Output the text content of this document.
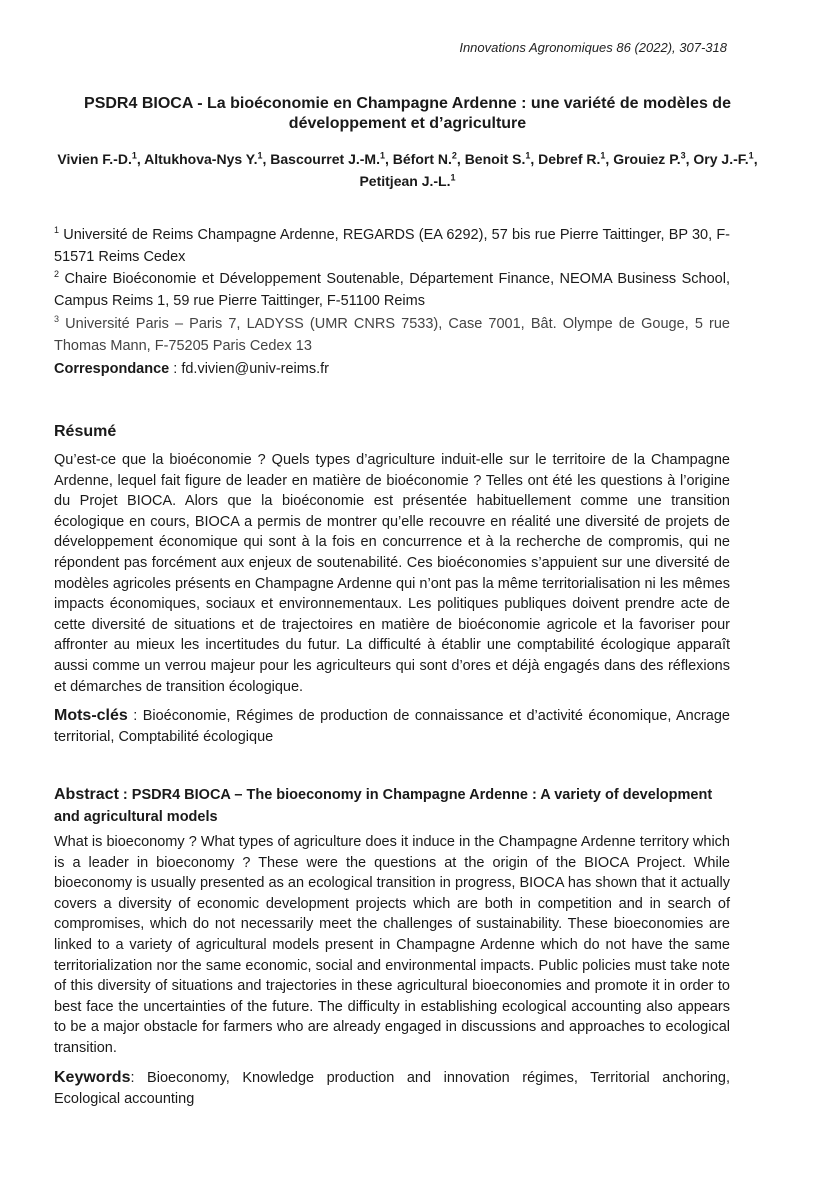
Innovations Agronomiques 86 (2022), 307-318
PSDR4 BIOCA - La bioéconomie en Champagne Ardenne : une variété de modèles de développement et d’agriculture
Vivien F.-D.$^1$, Altukhova-Nys Y.$^1$, Bascourret J.-M.$^1$, Béfort N.$^2$, Benoit S.$^1$, Debref R.$^1$, Grouiez P.$^3$, Ory J.-F.$^1$, Petitjean J.-L.$^1$
$^1$ Université de Reims Champagne Ardenne, REGARDS (EA 6292), 57 bis rue Pierre Taittinger, BP 30, F-51571 Reims Cedex
$^2$ Chaire Bioéconomie et Développement Soutenable, Département Finance, NEOMA Business School, Campus Reims 1, 59 rue Pierre Taittinger, F-51100 Reims
$^3$ Université Paris – Paris 7, LADYSS (UMR CNRS 7533), Case 7001, Bât. Olympe de Gouge, 5 rue Thomas Mann, F-75205 Paris Cedex 13
Correspondance : fd.vivien@univ-reims.fr
Résumé
Qu’est-ce que la bioéconomie ? Quels types d’agriculture induit-elle sur le territoire de la Champagne Ardenne, lequel fait figure de leader en matière de bioéconomie ? Telles ont été les questions à l’origine du Projet BIOCA. Alors que la bioéconomie est présentée habituellement comme une transition écologique en cours, BIOCA a permis de montrer qu’elle recouvre en réalité une diversité de projets de développement économique qui sont à la fois en concurrence et à la recherche de compromis, qui ne répondent pas forcément aux enjeux de soutenabilité. Ces bioéconomies s’appuient sur une diversité de modèles agricoles présents en Champagne Ardenne qui n’ont pas la même territorialisation ni les mêmes impacts économiques, sociaux et environnementaux. Les politiques publiques doivent prendre acte de cette diversité de situations et de trajectoires en matière de bioéconomie agricole et la favoriser pour affronter au mieux les incertitudes du futur. La difficulté à établir une comptabilité écologique apparaît aussi comme un verrou majeur pour les agriculteurs qui sont d’ores et déjà engagés dans des réflexions et démarches de transition écologique.
Mots-clés : Bioéconomie, Régimes de production de connaissance et d’activité économique, Ancrage territorial, Comptabilité écologique
Abstract : PSDR4 BIOCA – The bioeconomy in Champagne Ardenne : A variety of development and agricultural models
What is bioeconomy ? What types of agriculture does it induce in the Champagne Ardenne territory which is a leader in bioeconomy ? These were the questions at the origin of the BIOCA Project. While bioeconomy is usually presented as an ecological transition in progress, BIOCA has shown that it actually covers a diversity of economic development projects which are both in competition and in search of compromises, which do not necessarily meet the challenges of sustainability. These bioeconomies are linked to a variety of agricultural models present in Champagne Ardenne which do not have the same territorialization nor the same economic, social and environmental impacts. Public policies must take note of this diversity of situations and trajectories in these agricultural bioeconomies and promote it in order to best face the uncertainties of the future. The difficulty in establishing ecological accounting also appears to be a major obstacle for farmers who are already engaged in discussions and approaches to ecological transition.
Keywords: Bioeconomy, Knowledge production and innovation régimes, Territorial anchoring, Ecological accounting
